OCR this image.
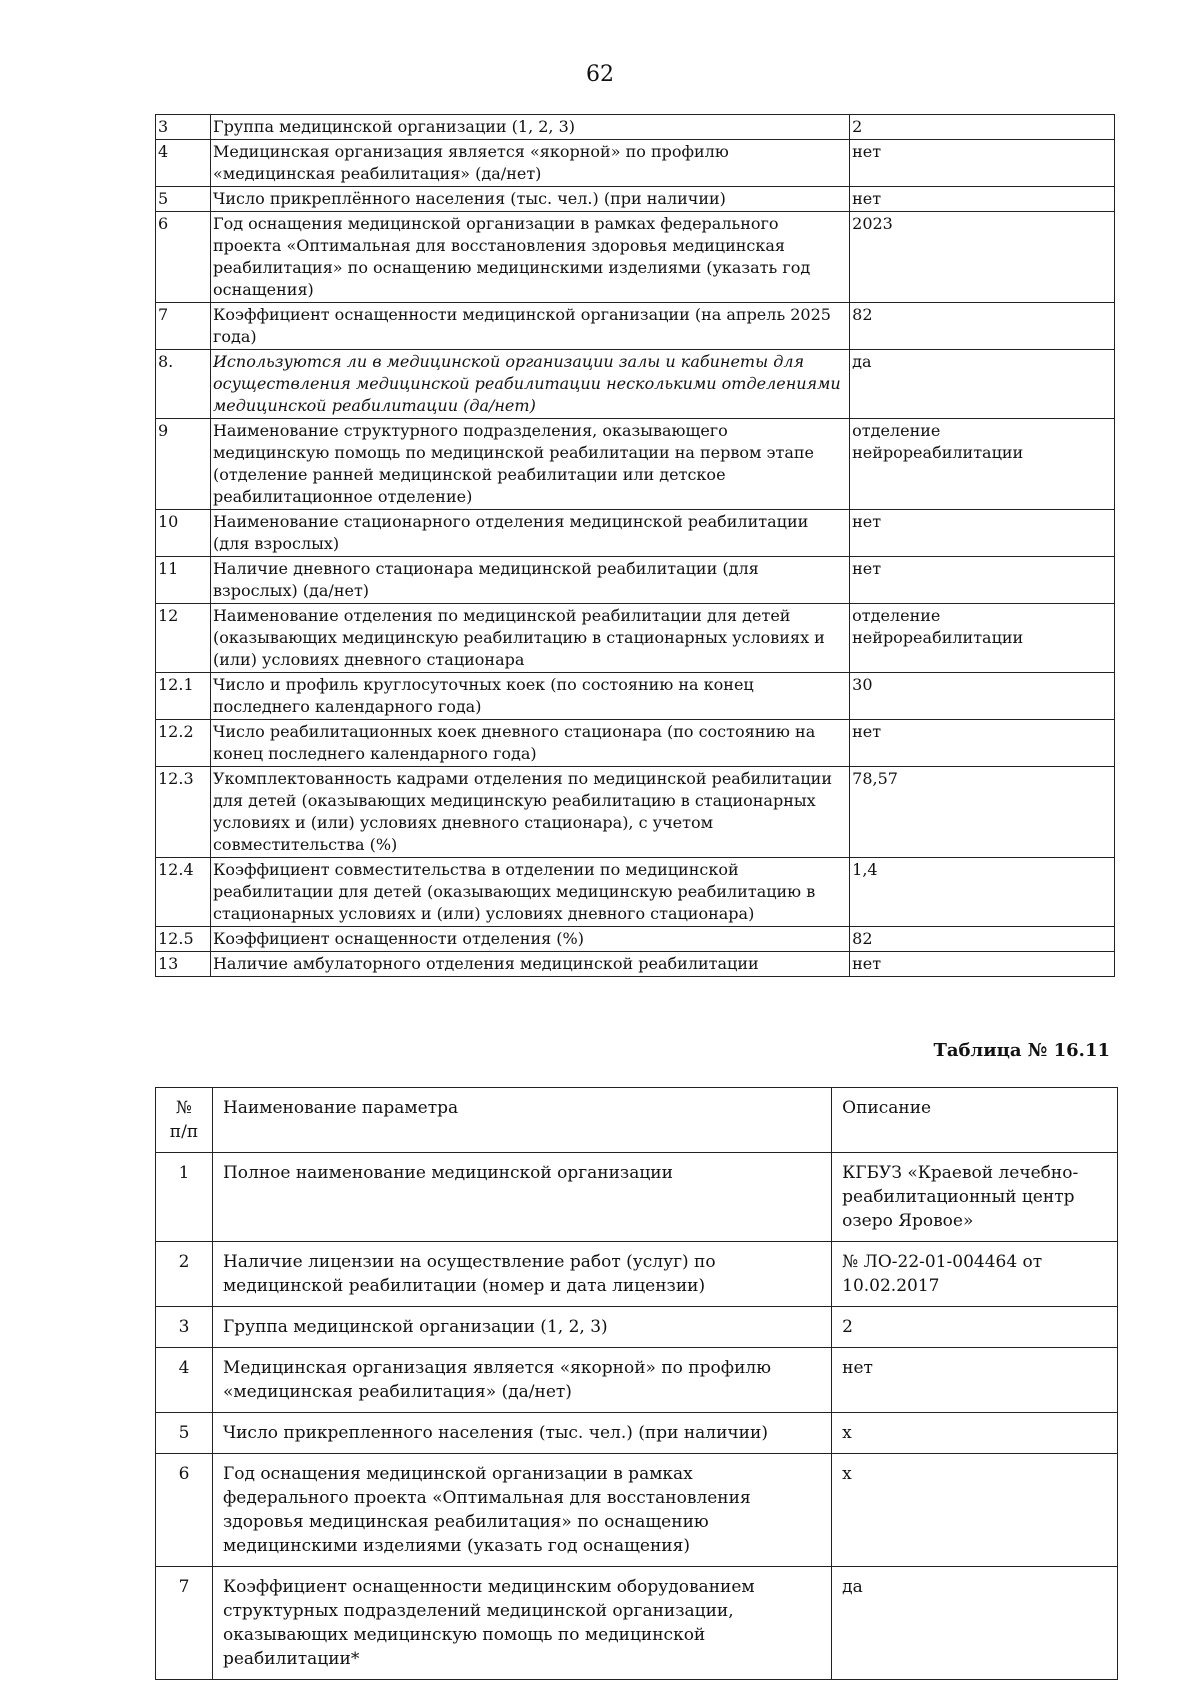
62
3	Группа медицинской организации (1, 2, 3)	2
4	Медицинская организация является «якорной» по профилю «медицинская реабилитация» (да/нет)	нет
5	Число прикреплённого населения (тыс. чел.) (при наличии)	нет
6	Год оснащения медицинской организации в рамках федерального проекта «Оптимальная для восстановления здоровья медицинская реабилитация» по оснащению медицинскими изделиями (указать год оснащения)	2023
7	Коэффициент оснащенности медицинской организации (на апрель 2025 года)	82
8.	Используются ли в медицинской организации залы и кабинеты для осуществления медицинской реабилитации несколькими отделениями медицинской реабилитации (да/нет)	да
9	Наименование структурного подразделения, оказывающего медицинскую помощь по медицинской реабилитации на первом этапе (отделение ранней медицинской реабилитации или детское реабилитационное отделение)	отделение нейрореабилитации
10	Наименование стационарного отделения медицинской реабилитации (для взрослых)	нет
11	Наличие дневного стационара медицинской реабилитации (для взрослых) (да/нет)	нет
12	Наименование отделения по медицинской реабилитации для детей (оказывающих медицинскую реабилитацию в стационарных условиях и (или) условиях дневного стационара	отделение нейрореабилитации
12.1	Число и профиль круглосуточных коек (по состоянию на конец последнего календарного года)	30
12.2	Число реабилитационных коек дневного стационара (по состоянию на конец последнего календарного года)	нет
12.3	Укомплектованность кадрами отделения по медицинской реабилитации для детей (оказывающих медицинскую реабилитацию в стационарных условиях и (или) условиях дневного стационара), с учетом совместительства (%)	78,57
12.4	Коэффициент совместительства в отделении по медицинской реабилитации для детей (оказывающих медицинскую реабилитацию в стационарных условиях и (или) условиях дневного стационара)	1,4
12.5	Коэффициент оснащенности отделения (%)	82
13	Наличие амбулаторного отделения медицинской реабилитации	нет
Таблица № 16.11
№ п/п	Наименование параметра	Описание
1	Полное наименование медицинской организации	КГБУЗ «Краевой лечебно-реабилитационный центр озеро Яровое»
2	Наличие лицензии на осуществление работ (услуг) по медицинской реабилитации (номер и дата лицензии)	№ ЛО-22-01-004464 от 10.02.2017
3	Группа медицинской организации (1, 2, 3)	2
4	Медицинская организация является «якорной» по профилю «медицинская реабилитация» (да/нет)	нет
5	Число прикрепленного населения (тыс. чел.) (при наличии)	х
6	Год оснащения медицинской организации в рамках федерального проекта «Оптимальная для восстановления здоровья медицинская реабилитация» по оснащению медицинскими изделиями (указать год оснащения)	х
7	Коэффициент оснащенности медицинским оборудованием структурных подразделений медицинской организации, оказывающих медицинскую помощь по медицинской реабилитации*	да
